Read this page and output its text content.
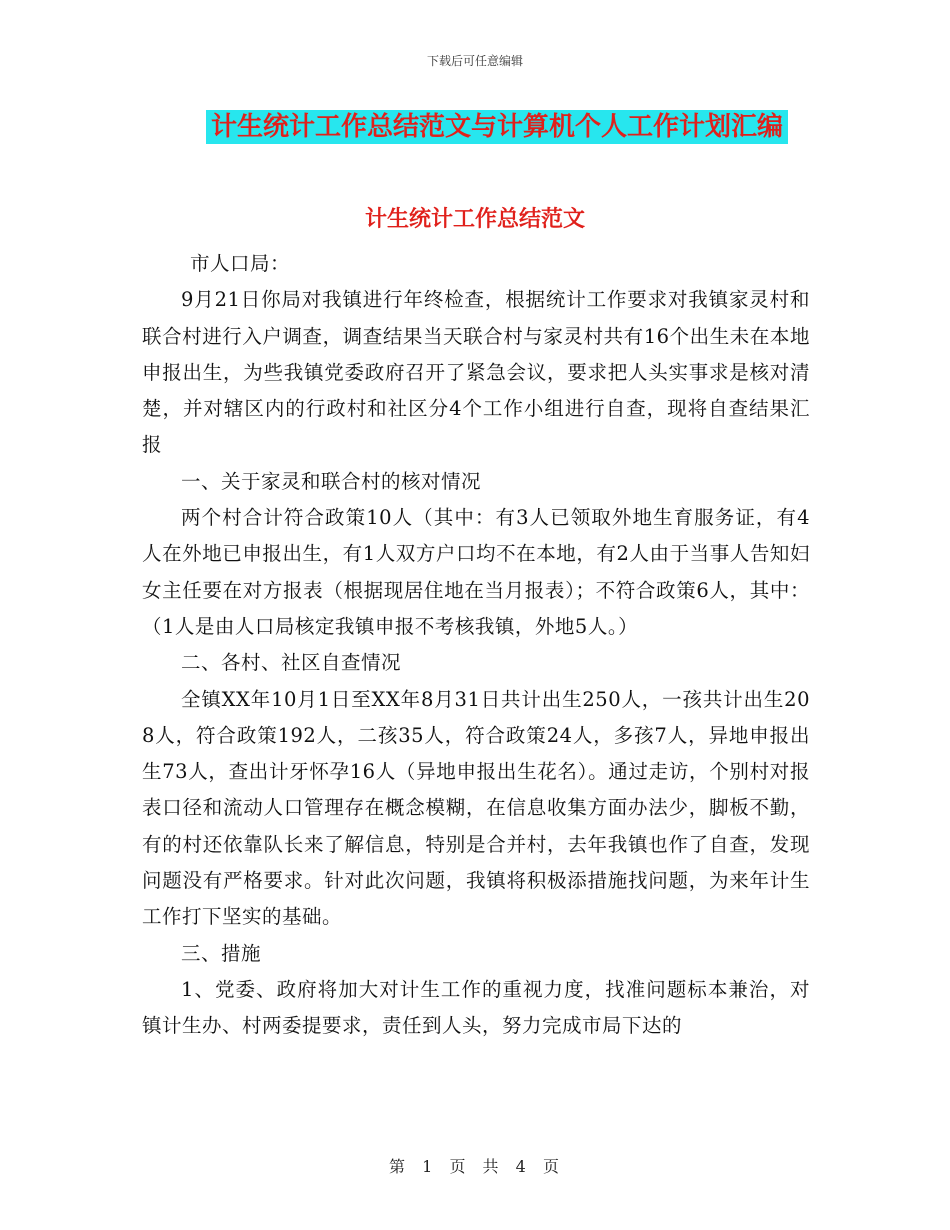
下载后可任意编辑
计生统计工作总结范文与计算机个人工作计划汇编
计生统计工作总结范文

市人口局：

9月21日你局对我镇进行年终检查，根据统计工作要求对我镇家灵村和联合村进行入户调查，调查结果当天联合村与家灵村共有16个出生未在本地申报出生，为些我镇党委政府召开了紧急会议，要求把人头实事求是核对清楚，并对辖区内的行政村和社区分4个工作小组进行自查，现将自查结果汇报

一、关于家灵和联合村的核对情况

两个村合计符合政策10人（其中：有3人已领取外地生育服务证，有4人在外地已申报出生，有1人双方户口均不在本地，有2人由于当事人告知妇女主任要在对方报表（根据现居住地在当月报表）；不符合政策6人，其中：（1人是由人口局核定我镇申报不考核我镇，外地5人。）

二、各村、社区自查情况

全镇XX年10月1日至XX年8月31日共计出生250人，一孩共计出生208人，符合政策192人，二孩35人，符合政策24人，多孩7人，异地申报出生73人，查出计牙怀孕16人（异地申报出生花名）。通过走访，个别村对报表口径和流动人口管理存在概念模糊，在信息收集方面办法少，脚板不勤，有的村还依靠队长来了解信息，特别是合并村，去年我镇也作了自查，发现问题没有严格要求。针对此次问题，我镇将积极添措施找问题，为来年计生工作打下坚实的基础。

三、措施

1、党委、政府将加大对计生工作的重视力度，找准问题标本兼治，对镇计生办、村两委提要求，责任到人头，努力完成市局下达的

第 1 页 共 4 页
